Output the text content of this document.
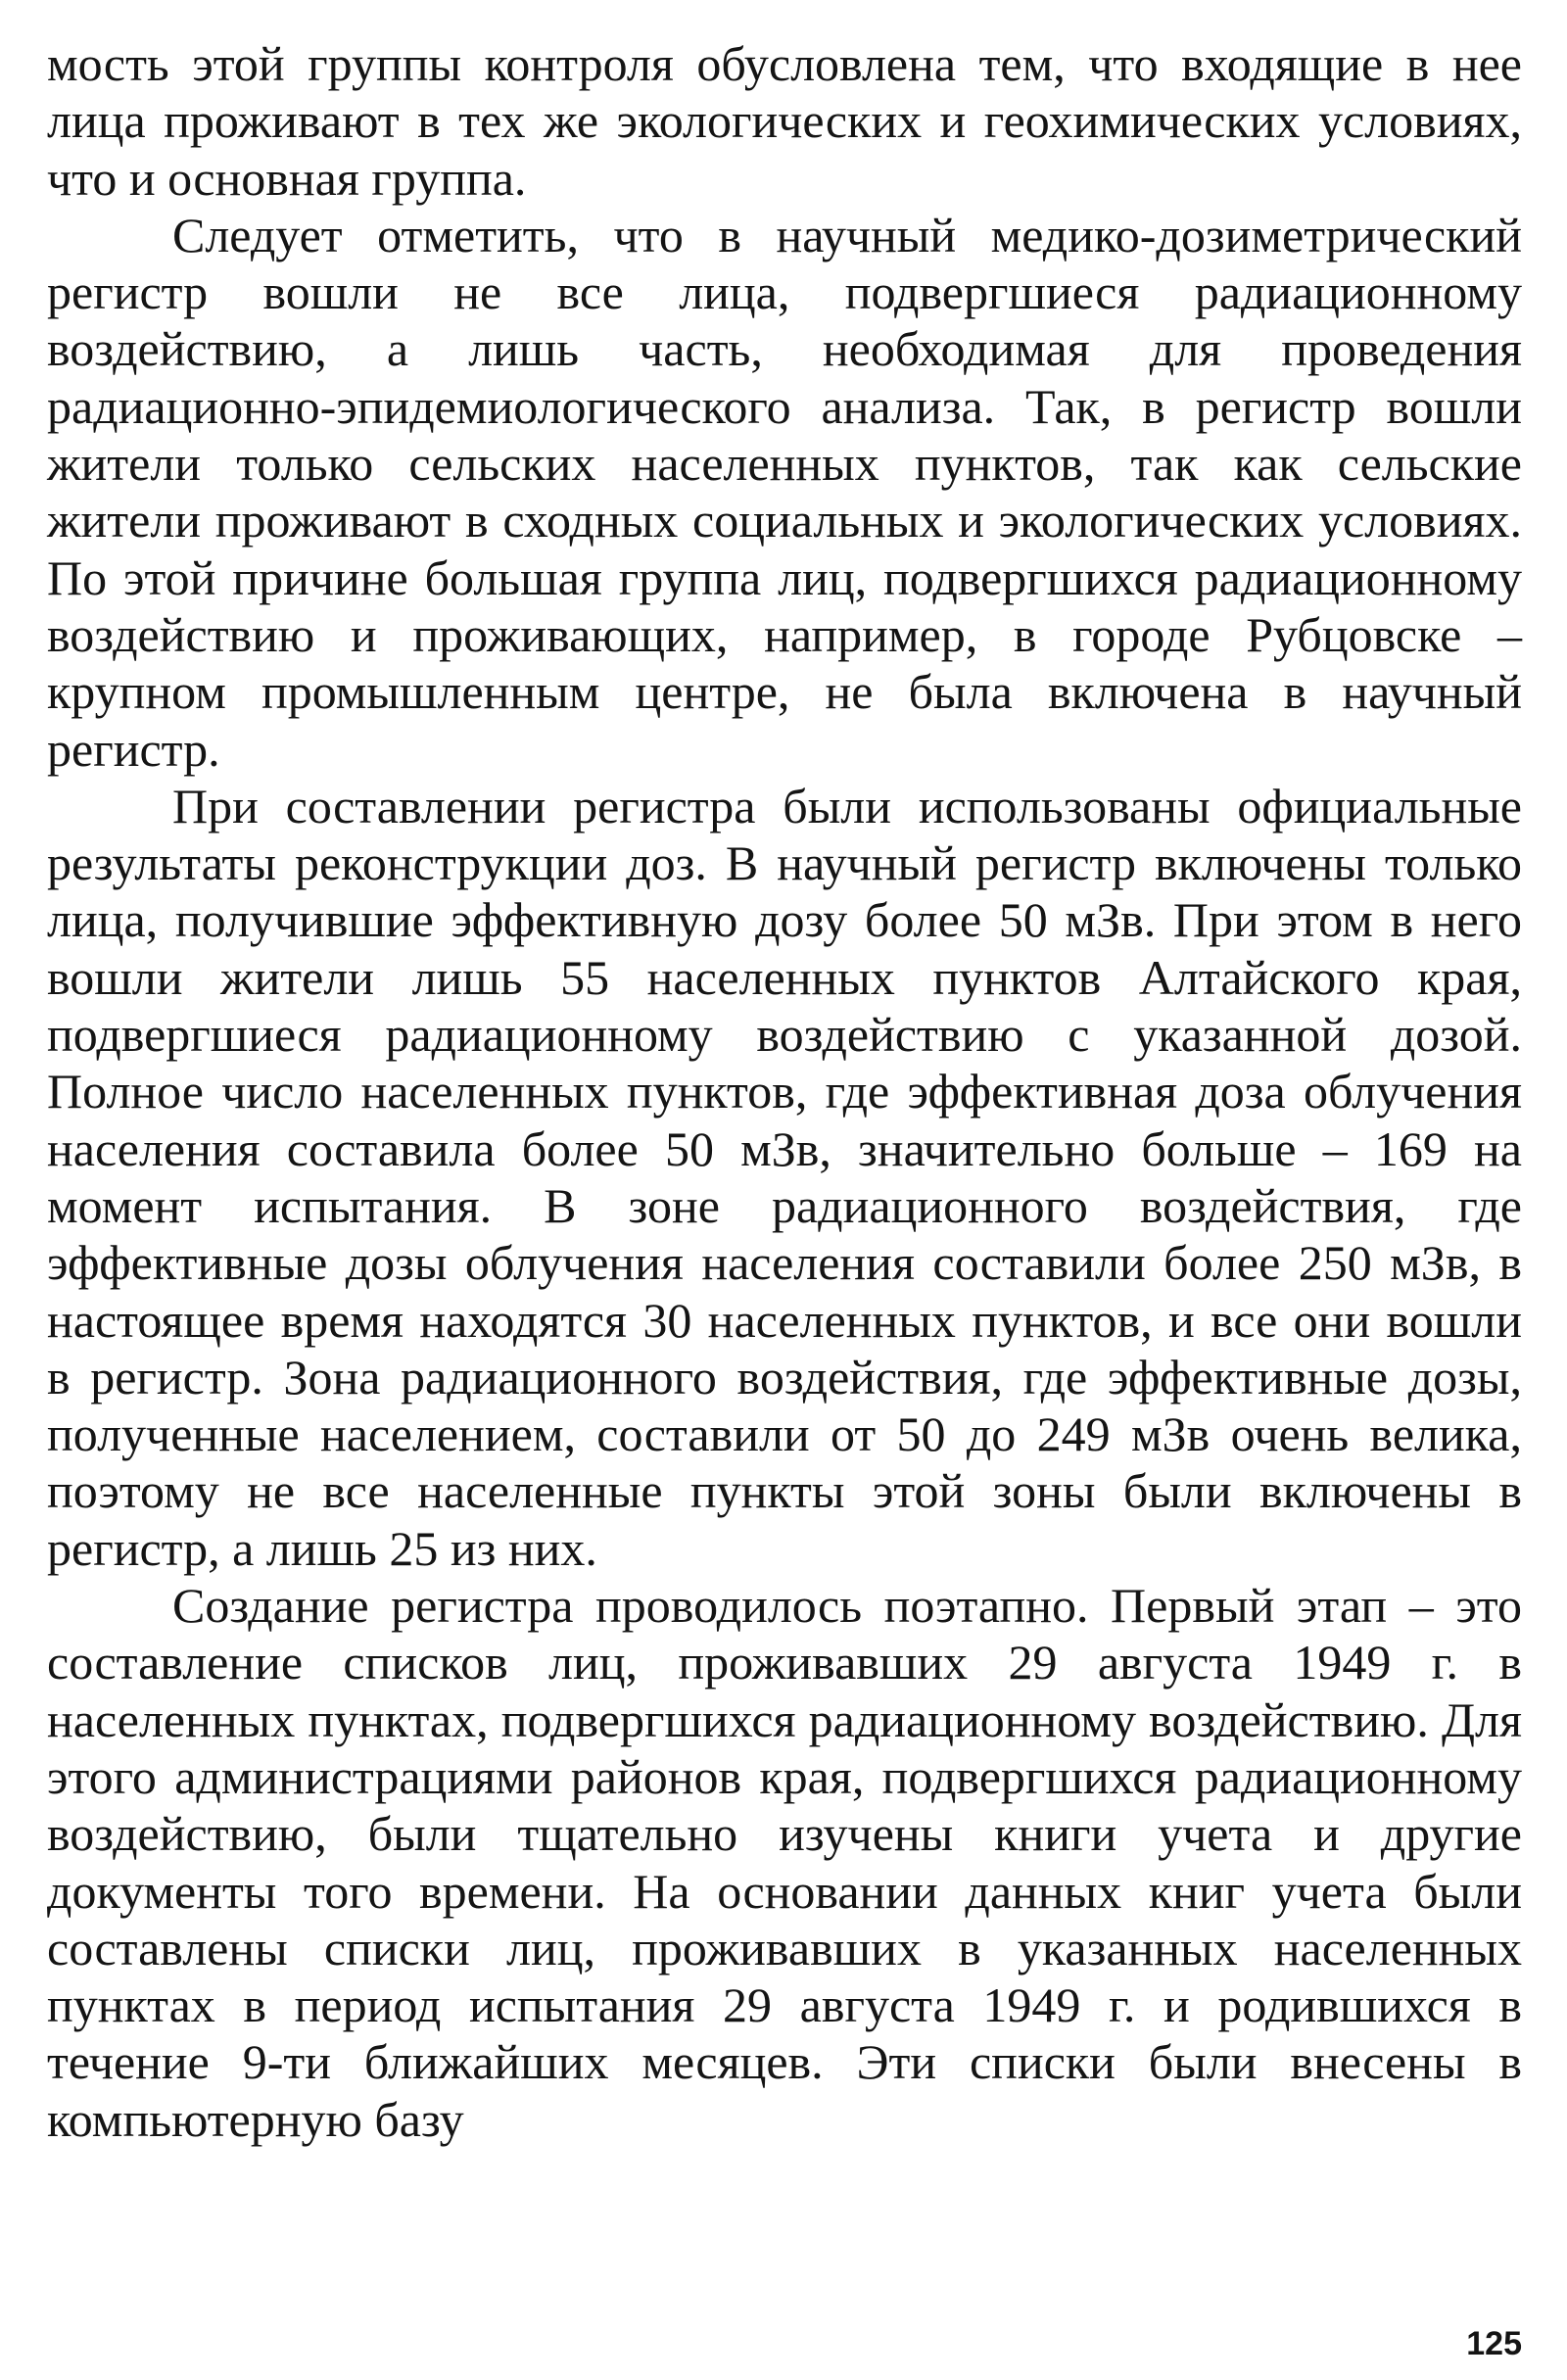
мость этой группы контроля обусловлена тем, что входящие в нее лица проживают в тех же экологических и геохимических условиях, что и основная группа.

Следует отметить, что в научный медико-дозиметрический регистр вошли не все лица, подвергшиеся радиационному воздействию, а лишь часть, необходимая для проведения радиационно-эпидемиологического анализа. Так, в регистр вошли жители только сельских населенных пунктов, так как сельские жители проживают в сходных социальных и экологических условиях. По этой причине большая группа лиц, подвергшихся радиационному воздействию и проживающих, например, в городе Рубцовске – крупном промышленным центре, не была включена в научный регистр.

При составлении регистра были использованы официальные результаты реконструкции доз. В научный регистр включены только лица, получившие эффективную дозу более 50 мЗв. При этом в него вошли жители лишь 55 населенных пунктов Алтайского края, подвергшиеся радиационному воздействию с указанной дозой. Полное число населенных пунктов, где эффективная доза облучения населения составила более 50 мЗв, значительно больше – 169 на момент испытания. В зоне радиационного воздействия, где эффективные дозы облучения населения составили более 250 мЗв, в настоящее время находятся 30 населенных пунктов, и все они вошли в регистр. Зона радиационного воздействия, где эффективные дозы, полученные населением, составили от 50 до 249 мЗв очень велика, поэтому не все населенные пункты этой зоны были включены в регистр, а лишь 25 из них.

Создание регистра проводилось поэтапно. Первый этап – это составление списков лиц, проживавших 29 августа 1949 г. в населенных пунктах, подвергшихся радиационному воздействию. Для этого администрациями районов края, подвергшихся радиационному воздействию, были тщательно изучены книги учета и другие документы того времени. На основании данных книг учета были составлены списки лиц, проживавших в указанных населенных пунктах в период испытания 29 августа 1949 г. и родившихся в течение 9-ти ближайших месяцев. Эти списки были внесены в компьютерную базу

125
